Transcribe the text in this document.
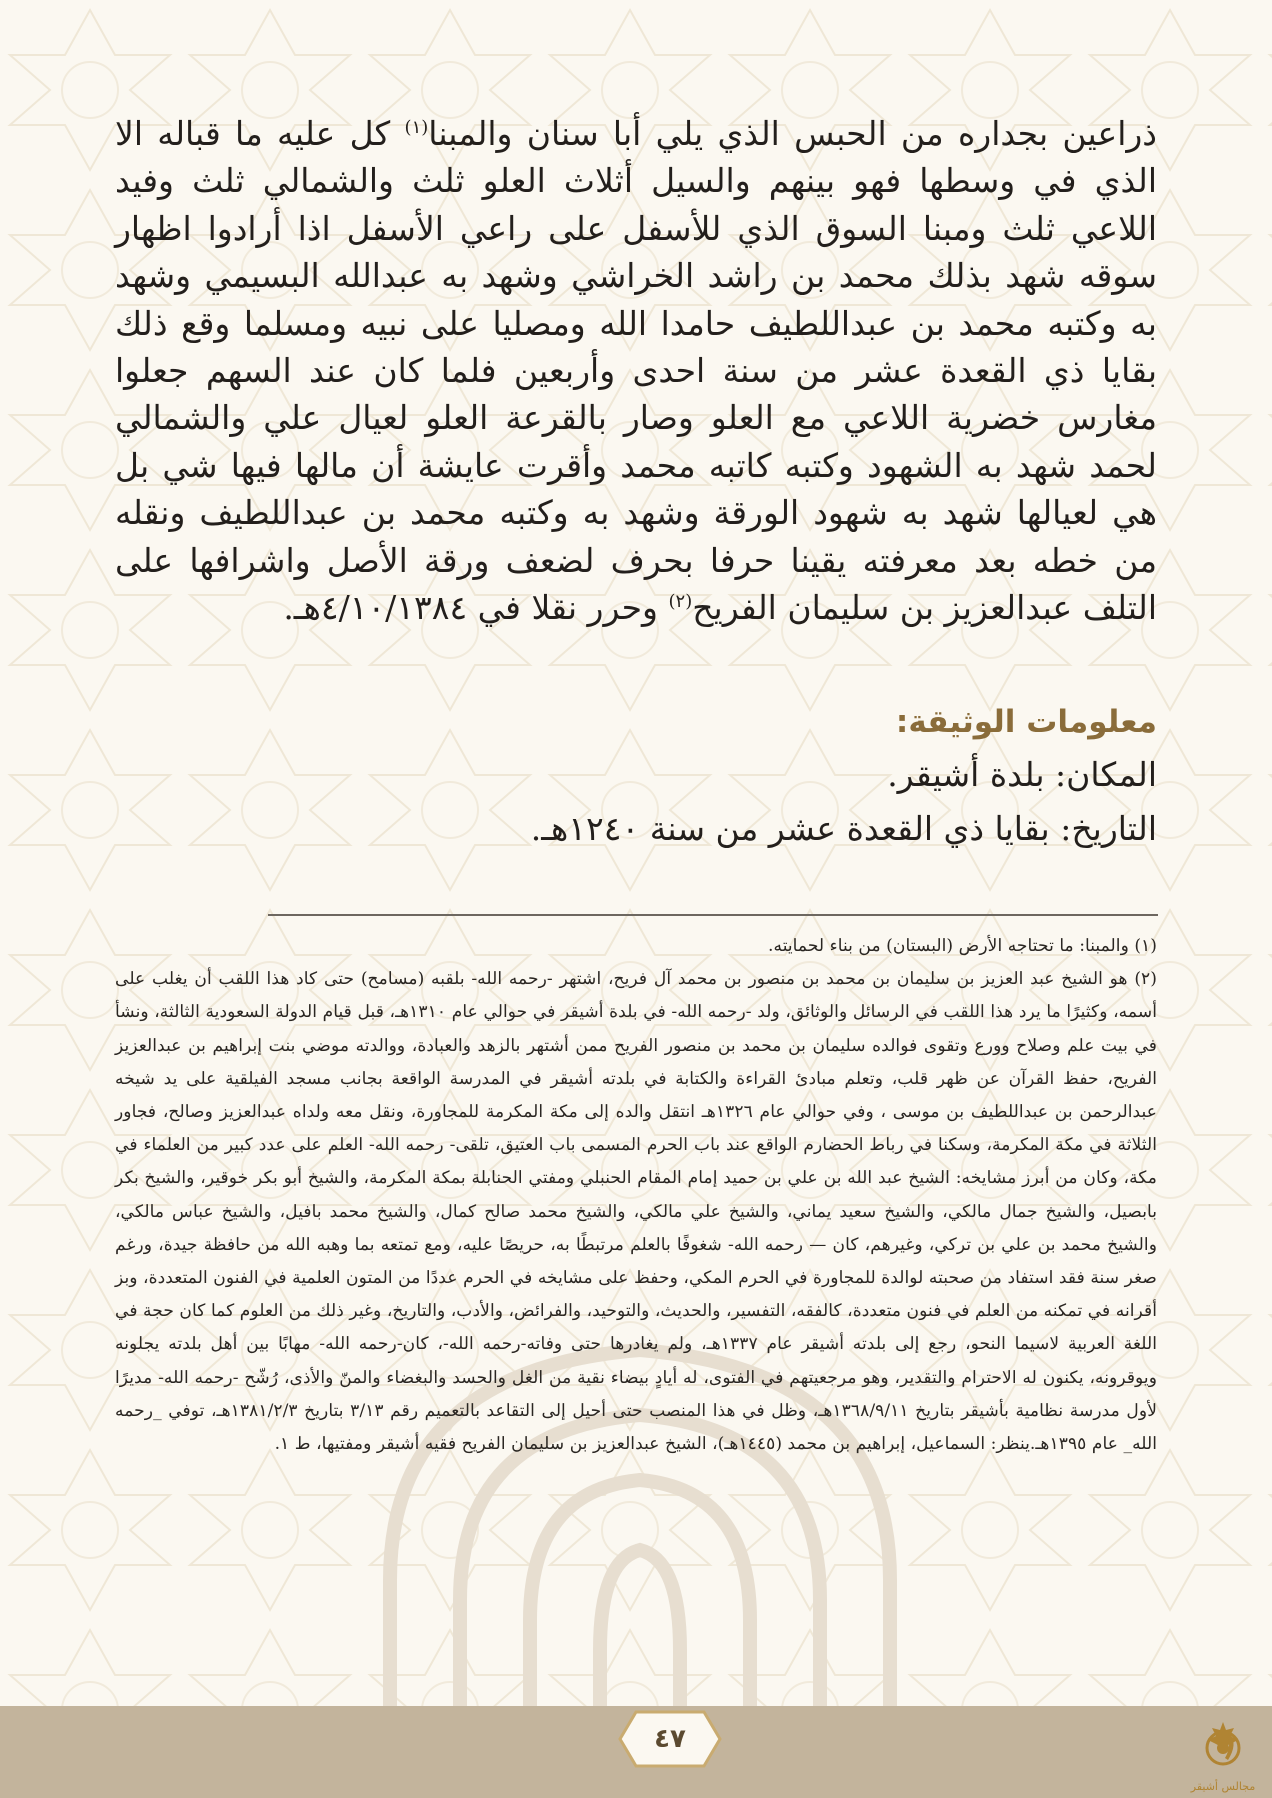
ذراعين بجداره من الحبس الذي يلي أبا سنان والمبنا$^{(١)}$ كل عليه ما قباله الا الذي في وسطها فهو بينهم والسيل أثلاث العلو ثلث والشمالي ثلث وفيد اللاعي ثلث ومبنا السوق الذي للأسفل على راعي الأسفل اذا أرادوا اظهار سوقه شهد بذلك محمد بن راشد الخراشي وشهد به عبدالله البسيمي وشهد به وكتبه محمد بن عبداللطيف حامدا الله ومصليا على نبيه ومسلما وقع ذلك بقايا ذي القعدة عشر من سنة احدى وأربعين فلما كان عند السهم جعلوا مغارس خضرية اللاعي مع العلو وصار بالقرعة العلو لعيال علي والشمالي لحمد شهد به الشهود وكتبه كاتبه محمد وأقرت عايشة أن مالها فيها شي بل هي لعيالها شهد به شهود الورقة وشهد به وكتبه محمد بن عبداللطيف ونقله من خطه بعد معرفته يقينا حرفا بحرف لضعف ورقة الأصل واشرافها على التلف عبدالعزيز بن سليمان الفريح$^{(٢)}$ وحرر نقلا في ٤/١٠/١٣٨٤هـ.
معلومات الوثيقة:
المكان: بلدة أشيقر.
التاريخ: بقايا ذي القعدة عشر من سنة ١٢٤٠هـ.

(١) والمبنا: ما تحتاجه الأرض (البستان) من بناء لحمايته.

(٢) هو الشيخ عبد العزيز بن سليمان بن محمد بن منصور بن محمد آل فريح، اشتهر -رحمه الله- بلقبه (مسامح) حتى كاد هذا اللقب أن يغلب على أسمه، وكثيرًا ما يرد هذا اللقب في الرسائل والوثائق، ولد -رحمه الله- في بلدة أشيقر في حوالي عام ١٣١٠هـ، قبل قيام الدولة السعودية الثالثة، ونشأ في بيت علم وصلاح وورع وتقوى فوالده سليمان بن محمد بن منصور الفريح ممن أشتهر بالزهد والعبادة، ووالدته موضي بنت إبراهيم بن عبدالعزيز الفريح، حفظ القرآن عن ظهر قلب، وتعلم مبادئ القراءة والكتابة في بلدته أشيقر في المدرسة الواقعة بجانب مسجد الفيلقية على يد شيخه عبدالرحمن بن عبداللطيف بن موسى ، وفي حوالي عام ١٣٢٦هـ انتقل والده إلى مكة المكرمة للمجاورة، ونقل معه ولداه عبدالعزيز وصالح، فجاور الثلاثة في مكة المكرمة، وسكنا في رباط الحضارم الواقع عند باب الحرم المسمى باب العتيق، تلقى- رحمه الله- العلم على عدد كبير من العلماء في مكة، وكان من أبرز مشايخه: الشيخ عبد الله بن علي بن حميد إمام المقام الحنبلي ومفتي الحنابلة بمكة المكرمة، والشيخ أبو بكر خوقير، والشيخ بكر بابصيل، والشيخ جمال مالكي، والشيخ سعيد يماني، والشيخ علي مالكي، والشيخ محمد صالح كمال، والشيخ محمد بافيل، والشيخ عباس مالكي، والشيخ محمد بن علي بن تركي، وغيرهم، كان — رحمه الله- شغوفًا بالعلم مرتبطًا به، حريصًا عليه، ومع تمتعه بما وهبه الله من حافظة جيدة، ورغم صغر سنة فقد استفاد من صحبته لوالدة للمجاورة في الحرم المكي، وحفظ على مشايخه في الحرم عددًا من المتون العلمية في الفنون المتعددة، وبز أقرانه في تمكنه من العلم في فنون متعددة، كالفقه، التفسير، والحديث، والتوحيد، والفرائض، والأدب، والتاريخ، وغير ذلك من العلوم كما كان حجة في اللغة العربية لاسيما النحو، رجع إلى بلدته أشيقر عام ١٣٣٧هـ، ولم يغادرها حتى وفاته-رحمه الله-، كان-رحمه الله- مهابًا بين أهل بلدته يجلونه ويوقرونه، يكنون له الاحترام والتقدير، وهو مرجعيتهم في الفتوى، له أيادٍ بيضاء نقية من الغل والحسد والبغضاء والمنّ والأذى، رُشّح -رحمه الله- مديرًا لأول مدرسة نظامية بأشيقر بتاريخ ١٣٦٨/٩/١١هـ، وظل في هذا المنصب حتى أحيل إلى التقاعد بالتعميم رقم ٣/١٣ بتاريخ ١٣٨١/٢/٣هـ، توفي _رحمه الله_ عام ١٣٩٥هـ.ينظر: السماعيل، إبراهيم بن محمد (١٤٤٥هـ)، الشيخ عبدالعزيز بن سليمان الفريح فقيه أشيقر ومفتيها، ط ١.

٤٧
مجالس أشيقر
